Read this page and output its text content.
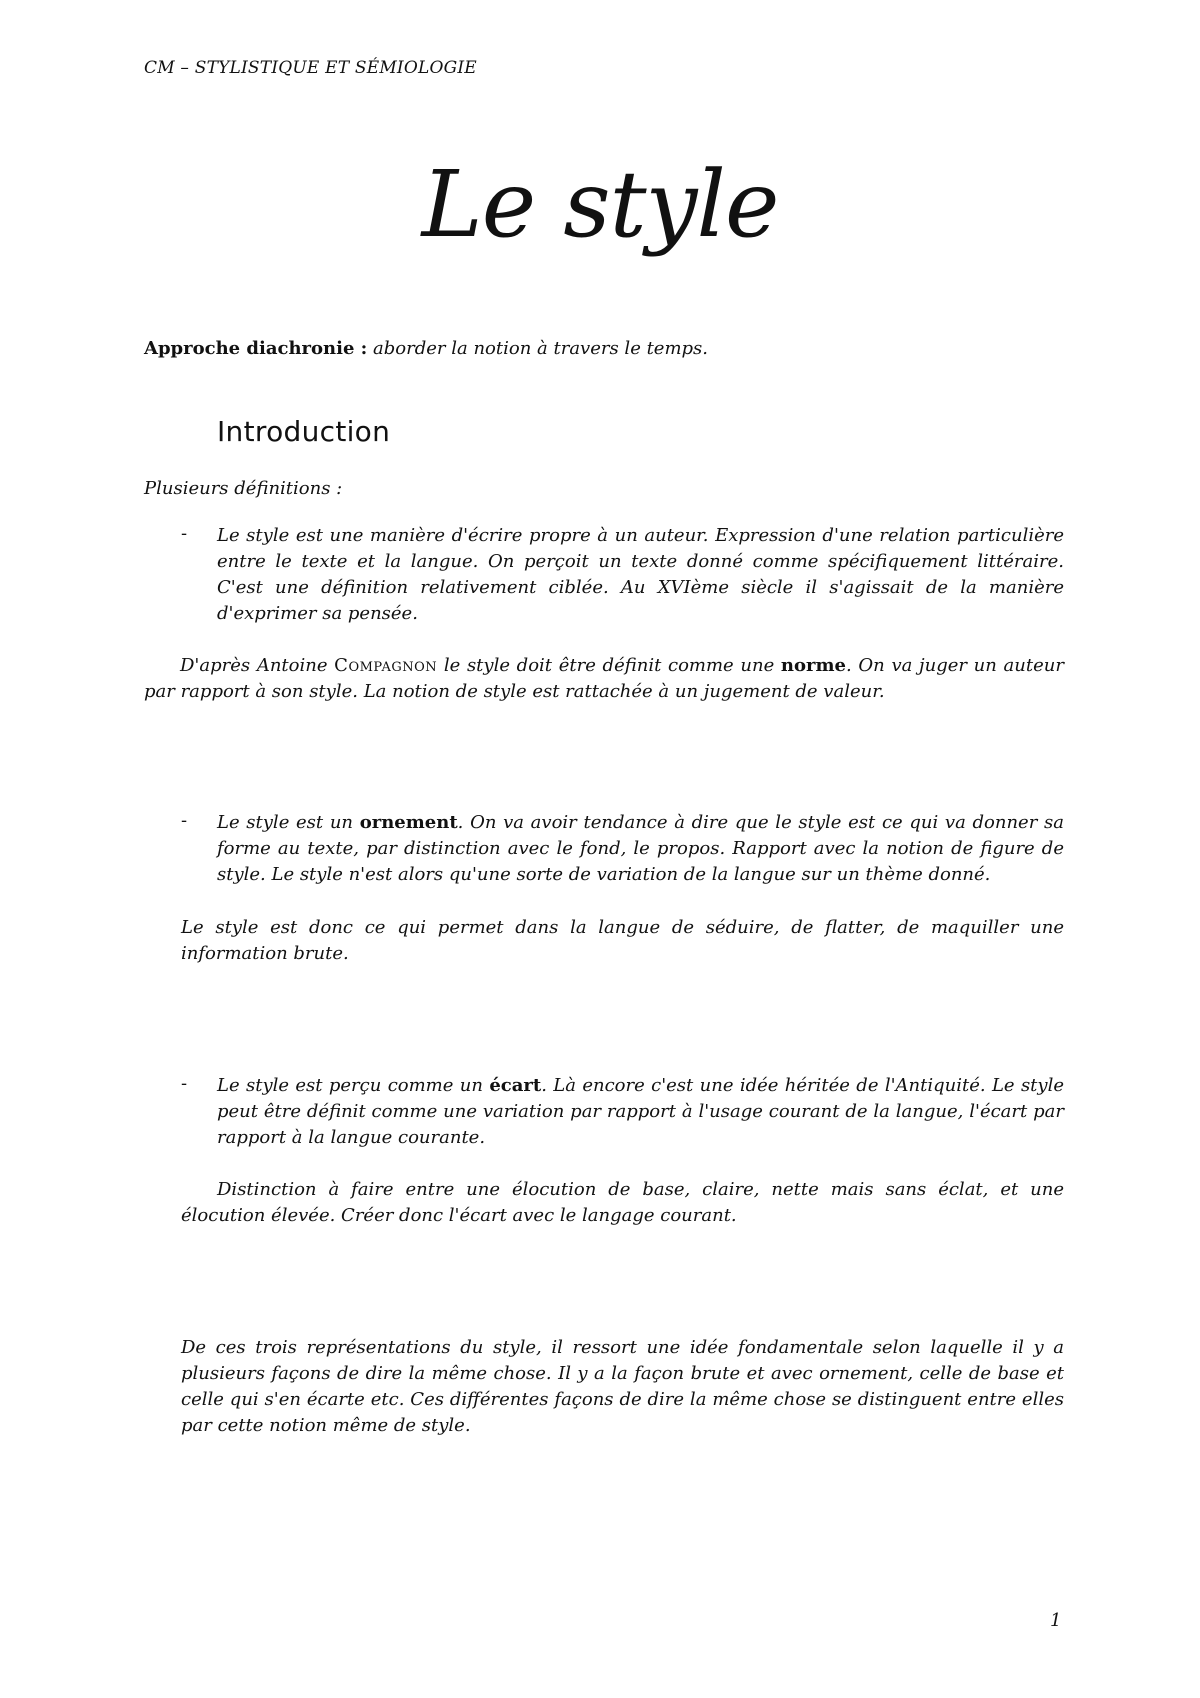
CM – STYLISTIQUE ET SÉMIOLOGIE
Le style
Approche diachronie : aborder la notion à travers le temps.
Introduction
Plusieurs définitions :
- Le style est une manière d'écrire propre à un auteur. Expression d'une relation particulière entre le texte et la langue. On perçoit un texte donné comme spécifiquement littéraire. C'est une définition relativement ciblée. Au XVIème siècle il s'agissait de la manière d'exprimer sa pensée.
D'après Antoine Compagnon le style doit être définit comme une norme. On va juger un auteur par rapport à son style. La notion de style est rattachée à un jugement de valeur.
- Le style est un ornement. On va avoir tendance à dire que le style est ce qui va donner sa forme au texte, par distinction avec le fond, le propos. Rapport avec la notion de figure de style. Le style n'est alors qu'une sorte de variation de la langue sur un thème donné.
Le style est donc ce qui permet dans la langue de séduire, de flatter, de maquiller une information brute.
- Le style est perçu comme un écart. Là encore c'est une idée héritée de l'Antiquité. Le style peut être définit comme une variation par rapport à l'usage courant de la langue, l'écart par rapport à la langue courante.
Distinction à faire entre une élocution de base, claire, nette mais sans éclat, et une élocution élevée. Créer donc l'écart avec le langage courant.
De ces trois représentations du style, il ressort une idée fondamentale selon laquelle il y a plusieurs façons de dire la même chose. Il y a la façon brute et avec ornement, celle de base et celle qui s'en écarte etc. Ces différentes façons de dire la même chose se distinguent entre elles par cette notion même de style.
1
